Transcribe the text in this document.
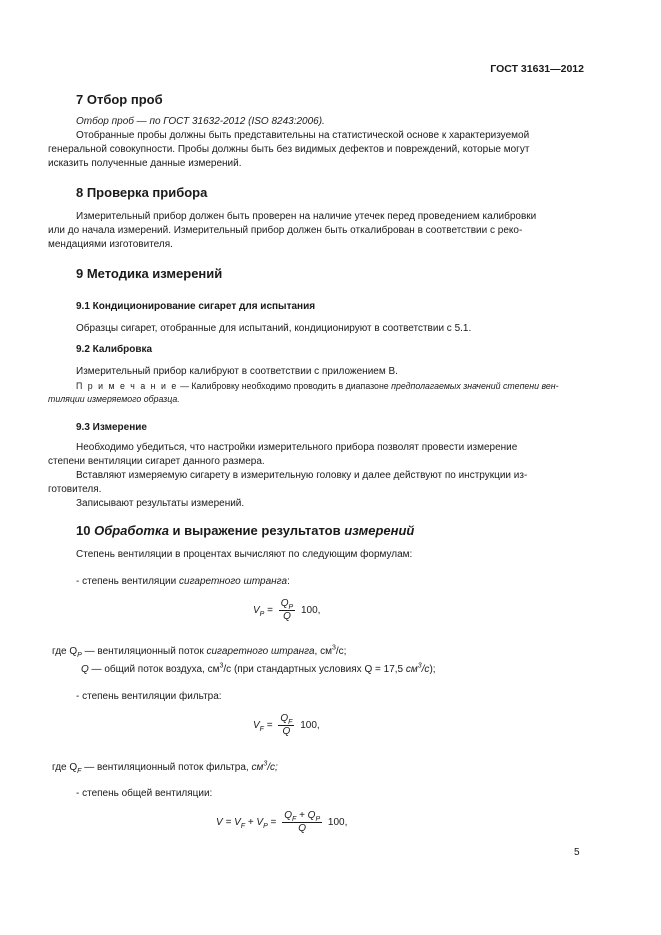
ГОСТ 31631—2012
7 Отбор проб
Отбор проб — по ГОСТ 31632-2012 (ISO 8243:2006).
Отобранные пробы должны быть представительны на статистической основе к характеризуемой
генеральной совокупности. Пробы должны быть без видимых дефектов и повреждений, которые могут
исказить полученные данные измерений.
8 Проверка прибора
Измерительный прибор должен быть проверен на наличие утечек перед проведением калибровки
или до начала измерений. Измерительный прибор должен быть откалиброван в соответствии с реко-
мендациями изготовителя.
9 Методика измерений
9.1 Кондиционирование сигарет для испытания
Образцы сигарет, отобранные для испытаний, кондиционируют в соответствии с 5.1.
9.2 Калибровка
Измерительный прибор калибруют в соответствии с приложением В.
П р и м е ч а н и е — Калибровку необходимо проводить в диапазоне предполагаемых значений степени вен-
тиляции измеряемого образца.
9.3 Измерение
Необходимо убедиться, что настройки измерительного прибора позволят провести измерение
степени вентиляции сигарет данного размера.
Вставляют измеряемую сигарету в измерительную головку и далее действуют по инструкции из-
готовителя.
Записывают результаты измерений.
10 Обработка и выражение результатов измерений
Степень вентиляции в процентах вычисляют по следующим формулам:
- степень вентиляции сигаретного штранга:
$V_P = \frac{Q_P}{Q} 100$,
где $Q_P$ — вентиляционный поток сигаретного штранга, $см^3/с$;
Q — общий поток воздуха, $см^3/с$ (при стандартных условиях Q = 17,5 $см^3/с$);
- степень вентиляции фильтра:
$V_F = \frac{Q_F}{Q} 100$,
где $Q_F$ — вентиляционный поток фильтра, $см^3/с$;
- степень общей вентиляции:
$V = V_F + V_P = \frac{Q_F + Q_P}{Q} 100$,
5
